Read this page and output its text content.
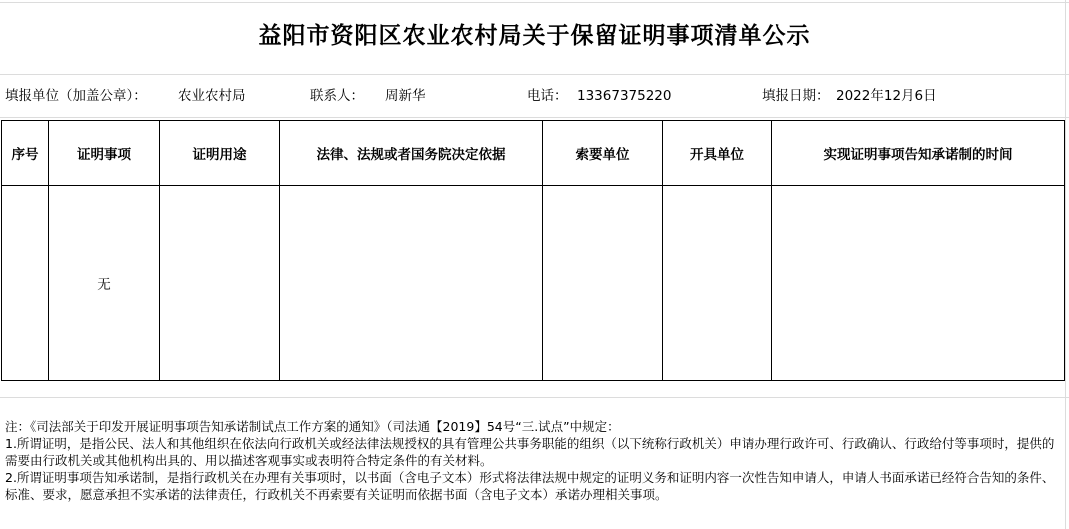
益阳市资阳区农业农村局关于保留证明事项清单公示
填报单位（加盖公章）： 农业农村局	联系人： 周新华	电话： 13367375220	填报日期： 2022年12月6日
序号	证明事项	证明用途	法律、法规或者国务院决定依据	索要单位	开具单位	实现证明事项告知承诺制的时间
	无					

注：《司法部关于印发开展证明事项告知承诺制试点工作方案的通知》（司法通【2019】54号“三.试点”中规定：

1.所谓证明，是指公民、法人和其他组织在依法向行政机关或经法律法规授权的具有管理公共事务职能的组织（以下统称行政机关）申请办理行政许可、行政确认、行政给付等事项时，提供的需要由行政机关或其他机构出具的、用以描述客观事实或表明符合特定条件的有关材料。

2.所谓证明事项告知承诺制，是指行政机关在办理有关事项时，以书面（含电子文本）形式将法律法规中规定的证明义务和证明内容一次性告知申请人，申请人书面承诺已经符合告知的条件、标准、要求，愿意承担不实承诺的法律责任，行政机关不再索要有关证明而依据书面（含电子文本）承诺办理相关事项。
